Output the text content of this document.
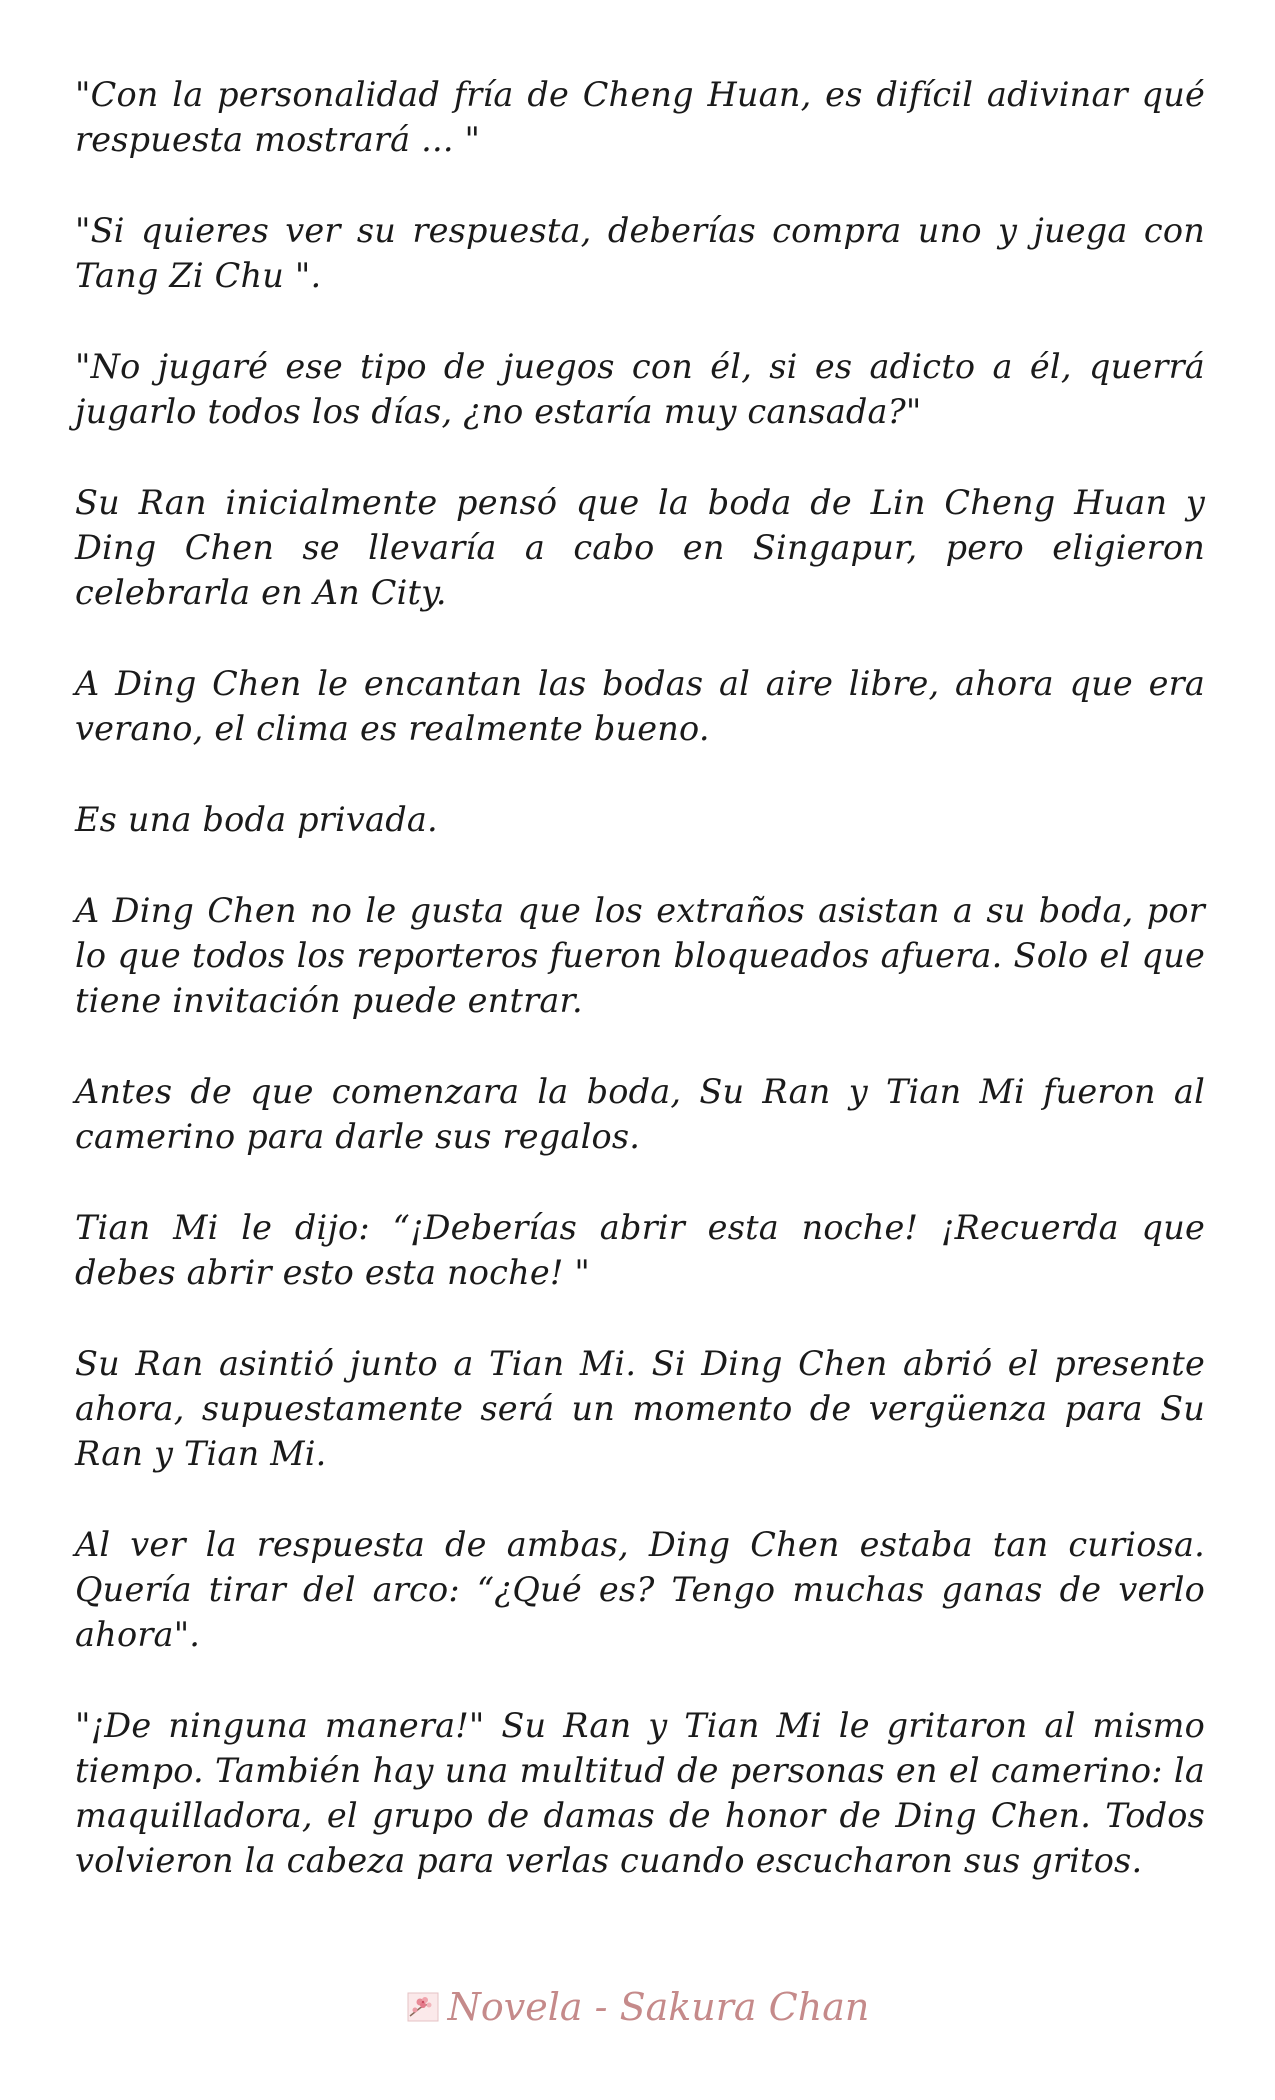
"Con la personalidad fría de Cheng Huan, es difícil adivinar qué respuesta mostrará ... "

"Si quieres ver su respuesta, deberías compra uno y juega con Tang Zi Chu ".

"No jugaré ese tipo de juegos con él, si es adicto a él, querrá jugarlo todos los días, ¿no estaría muy cansada?"

Su Ran inicialmente pensó que la boda de Lin Cheng Huan y Ding Chen se llevaría a cabo en Singapur, pero eligieron celebrarla en An City.

A Ding Chen le encantan las bodas al aire libre, ahora que era verano, el clima es realmente bueno.

Es una boda privada.

A Ding Chen no le gusta que los extraños asistan a su boda, por lo que todos los reporteros fueron bloqueados afuera. Solo el que tiene invitación puede entrar.

Antes de que comenzara la boda, Su Ran y Tian Mi fueron al camerino para darle sus regalos.

Tian Mi le dijo: “¡Deberías abrir esta noche! ¡Recuerda que debes abrir esto esta noche! "

Su Ran asintió junto a Tian Mi. Si Ding Chen abrió el presente ahora, supuestamente será un momento de vergüenza para Su Ran y Tian Mi.

Al ver la respuesta de ambas, Ding Chen estaba tan curiosa. Quería tirar del arco: “¿Qué es? Tengo muchas ganas de verlo ahora".

"¡De ninguna manera!" Su Ran y Tian Mi le gritaron al mismo tiempo. También hay una multitud de personas en el camerino: la maquilladora, el grupo de damas de honor de Ding Chen. Todos volvieron la cabeza para verlas cuando escucharon sus gritos.

Novela - Sakura Chan
